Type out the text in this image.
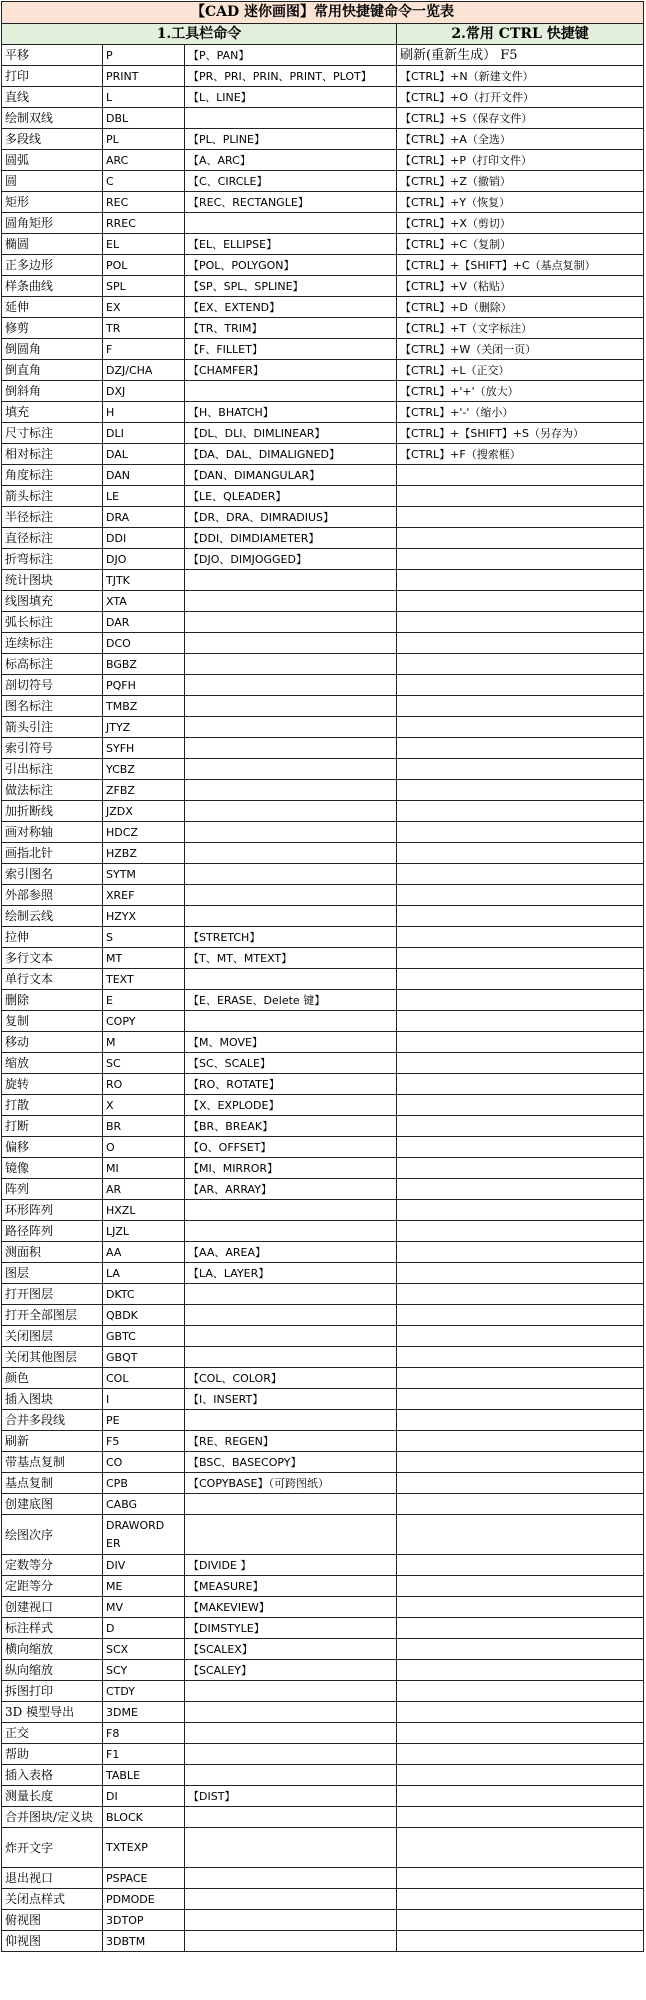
【CAD 迷你画图】常用快捷键命令一览表			
1.工具栏命令			2.常用 CTRL 快捷键
平移	P	【P、PAN】	刷新(重新生成） F5
打印	PRINT	【PR、PRI、PRIN、PRINT、PLOT】	【CTRL】+N（新建文件）
直线	L	【L、LINE】	【CTRL】+O（打开文件）
绘制双线	DBL		【CTRL】+S（保存文件）
多段线	PL	【PL、PLINE】	【CTRL】+A（全选）
圆弧	ARC	【A、ARC】	【CTRL】+P（打印文件）
圆	C	【C、CIRCLE】	【CTRL】+Z（撤销）
矩形	REC	【REC、RECTANGLE】	【CTRL】+Y（恢复）
圆角矩形	RREC		【CTRL】+X（剪切）
椭圆	EL	【EL、ELLIPSE】	【CTRL】+C（复制）
正多边形	POL	【POL、POLYGON】	【CTRL】+【SHIFT】+C（基点复制）
样条曲线	SPL	【SP、SPL、SPLINE】	【CTRL】+V（粘贴）
延伸	EX	【EX、EXTEND】	【CTRL】+D（删除）
修剪	TR	【TR、TRIM】	【CTRL】+T（文字标注）
倒圆角	F	【F、FILLET】	【CTRL】+W（关闭一页）
倒直角	DZJ/CHA	【CHAMFER】	【CTRL】+L（正交）
倒斜角	DXJ		【CTRL】+'+'（放大）
填充	H	【H、BHATCH】	【CTRL】+'-'（缩小）
尺寸标注	DLI	【DL、DLI、DIMLINEAR】	【CTRL】+【SHIFT】+S（另存为）
相对标注	DAL	【DA、DAL、DIMALIGNED】	【CTRL】+F（搜索框）
角度标注	DAN	【DAN、DIMANGULAR】	
箭头标注	LE	【LE、QLEADER】	
半径标注	DRA	【DR、DRA、DIMRADIUS】	
直径标注	DDI	【DDI、DIMDIAMETER】	
折弯标注	DJO	【DJO、DIMJOGGED】	
统计图块	TJTK		
线图填充	XTA		
弧长标注	DAR		
连续标注	DCO		
标高标注	BGBZ		
剖切符号	PQFH		
图名标注	TMBZ		
箭头引注	JTYZ		
索引符号	SYFH		
引出标注	YCBZ		
做法标注	ZFBZ		
加折断线	JZDX		
画对称轴	HDCZ		
画指北针	HZBZ		
索引图名	SYTM		
外部参照	XREF		
绘制云线	HZYX		
拉伸	S	【STRETCH】	
多行文本	MT	【T、MT、MTEXT】	
单行文本	TEXT		
删除	E	【E、ERASE、Delete 键】	
复制	COPY		
移动	M	【M、MOVE】	
缩放	SC	【SC、SCALE】	
旋转	RO	【RO、ROTATE】	
打散	X	【X、EXPLODE】	
打断	BR	【BR、BREAK】	
偏移	O	【O、OFFSET】	
镜像	MI	【MI、MIRROR】	
阵列	AR	【AR、ARRAY】	
环形阵列	HXZL		
路径阵列	LJZL		
测面积	AA	【AA、AREA】	
图层	LA	【LA、LAYER】	
打开图层	DKTC		
打开全部图层	QBDK		
关闭图层	GBTC		
关闭其他图层	GBQT		
颜色	COL	【COL、COLOR】	
插入图块	I	【I、INSERT】	
合并多段线	PE		
刷新	F5	【RE、REGEN】	
带基点复制	CO	【BSC、BASECOPY】	
基点复制	CPB	【COPYBASE】（可跨图纸）	
创建底图	CABG		
绘图次序	DRAWORD ER		
定数等分	DIV	【DIVIDE 】	
定距等分	ME	【MEASURE】	
创建视口	MV	【MAKEVIEW】	
标注样式	D	【DIMSTYLE】	
横向缩放	SCX	【SCALEX】	
纵向缩放	SCY	【SCALEY】	
拆图打印	CTDY		
3D 模型导出	3DME		
正交	F8		
帮助	F1		
插入表格	TABLE		
测量长度	DI	【DIST】	
合并图块/定义块	BLOCK		
炸开文字	TXTEXP		
退出视口	PSPACE		
关闭点样式	PDMODE		
俯视图	3DTOP		
仰视图	3DBTM		
